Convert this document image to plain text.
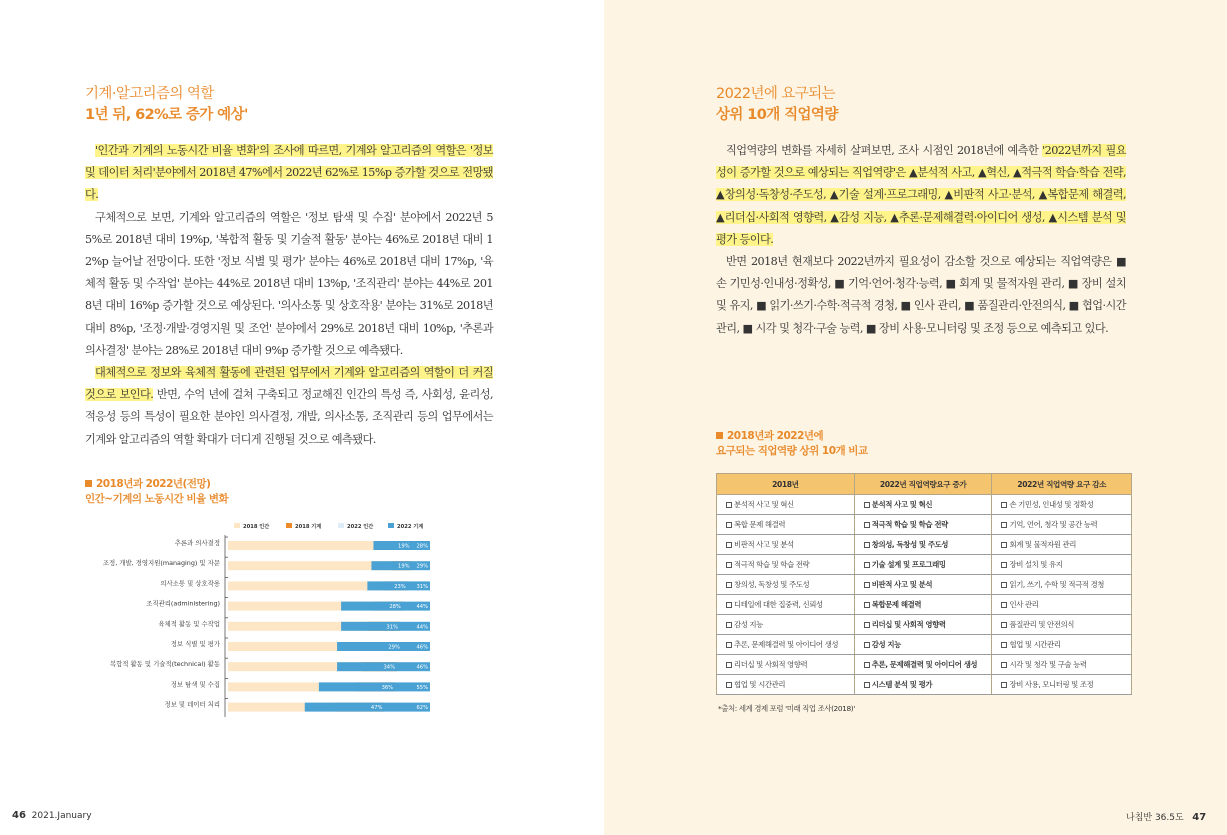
기계·알고리즘의 역할
1년 뒤, 62%로 증가 예상'

'인간과 기계의 노동시간 비율 변화'의 조사에 따르면, 기계와 알고리즘의 역할은 '정보 및 데이터 처리'분야에서 2018년 47%에서 2022년 62%로 15%p 증가할 것으로 전망됐다.

구체적으로 보면, 기계와 알고리즘의 역할은 '정보 탐색 및 수집' 분야에서 2022년 55%로 2018년 대비 19%p, '복합적 활동 및 기술적 활동' 분야는 46%로 2018년 대비 12%p 늘어날 전망이다. 또한 '정보 식별 및 평가' 분야는 46%로 2018년 대비 17%p, '육체적 활동 및 수작업' 분야는 44%로 2018년 대비 13%p, '조직관리' 분야는 44%로 2018년 대비 16%p 증가할 것으로 예상된다. '의사소통 및 상호작용' 분야는 31%로 2018년 대비 8%p, '조정·개발·경영지원 및 조언' 분야에서 29%로 2018년 대비 10%p, '추론과 의사결정' 분야는 28%로 2018년 대비 9%p 증가할 것으로 예측됐다.

대체적으로 정보와 육체적 활동에 관련된 업무에서 기계와 알고리즘의 역할이 더 커질 것으로 보인다. 반면, 수억 년에 걸쳐 구축되고 정교해진 인간의 특성 즉, 사회성, 윤리성, 적응성 등의 특성이 필요한 분야인 의사결정, 개발, 의사소통, 조직관리 등의 업무에서는 기계와 알고리즘의 역할 확대가 더디게 진행될 것으로 예측됐다.

2018년과 2022년(전망)
인간~기계의 노동시간 비율 변화
2018 인간	2018 기계	2022 인간	2022 기계
추론과 의사결정	19% 28%
조정, 개발, 경영지원(managing) 및 자문	19% 29%
의사소통 및 상호작용	23% 31%
조직관리(administering)	28%	44%
육체적 활동 및 수작업	31%	44%
정보 식별 및 평가	29%	46%
복합적 활동 및 기술적(technical) 활동	34%	46%
정보 탐색 및 수집	36%	55%
정보 및 데이터 처리	47%	62%
46 2021.January
2022년에 요구되는
상위 10개 직업역량

직업역량의 변화를 자세히 살펴보면, 조사 시점인 2018년에 예측한 '2022년까지 필요성이 증가할 것으로 예상되는 직업역량'은 ▲분석적 사고, ▲혁신, ▲적극적 학습·학습 전략, ▲창의성·독창성·주도성, ▲기술 설계·프로그래밍, ▲비판적 사고·분석, ▲복합문제 해결력, ▲리더십·사회적 영향력, ▲감성 지능, ▲추론·문제해결력·아이디어 생성, ▲시스템 분석 및 평가 등이다.

반면 2018년 현재보다 2022년까지 필요성이 감소할 것으로 예상되는 직업역량은 ■ 손 기민성·인내성·정확성, ■ 기억·언어·청각·능력, ■ 회계 및 물적자원 관리, ■ 장비 설치 및 유지, ■ 읽기·쓰기·수학·적극적 경청, ■ 인사 관리, ■ 품질관리·안전의식, ■ 협업·시간관리, ■ 시각 및 청각·구술 능력, ■ 장비 사용·모니터링 및 조정 등으로 예측되고 있다.

2018년과 2022년에
요구되는 직업역량 상위 10개 비교
2018년	2022년 직업역량요구 증가	2022년 직업역량 요구 감소
분석적 사고 및 혁신	분석적 사고 및 혁신	손 기민성, 인내성 및 정확성
복합 문제 해결력	적극적 학습 및 학습 전략	기억, 언어, 청각 및 공간 능력
비판적 사고 및 분석	창의성, 독창성 및 주도성	회계 및 물적자원 관리
적극적 학습 및 학습 전략	기술 설계 및 프로그래밍	장비 설치 및 유지
창의성, 독창성 및 주도성	비판적 사고 및 분석	읽기, 쓰기, 수학 및 적극적 경청
디테일에 대한 집중력, 신뢰성	복합문제 해결력	인사 관리
감성 지능	리더십 및 사회적 영향력	품질관리 및 안전의식
추론, 문제해결력 및 아이디어 생성	감성 지능	협업 및 시간관리
리더십 및 사회적 영향력	추론, 문제해결력 및 아이디어 생성	시각 및 청각 및 구술 능력
협업 및 시간관리	시스템 분석 및 평가	장비 사용, 모니터링 및 조정
*출처: 세계 경제 포럼 '미래 직업 조사(2018)'
나침반 36.5도 47
